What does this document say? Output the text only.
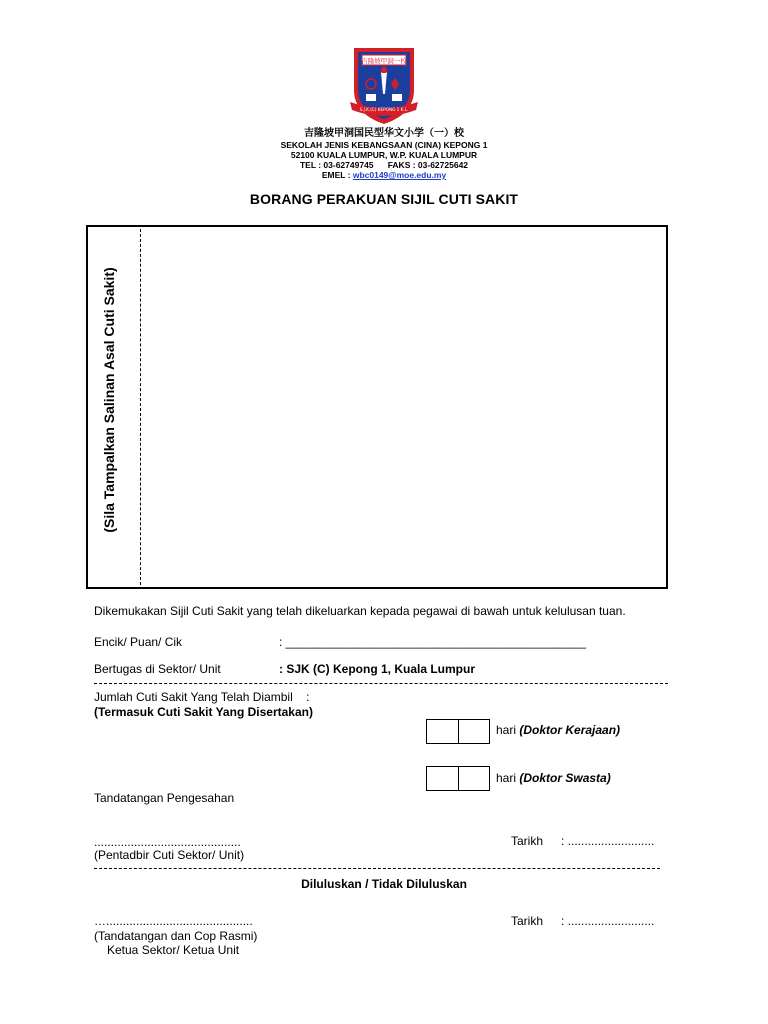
吉隆坡甲洞一校
S.J.K.(C) KEPONG 1 K.L.
吉隆坡甲洞国民型华文小学（一）校
SEKOLAH JENIS KEBANGSAAN (CINA) KEPONG 1
52100 KUALA LUMPUR, W.P. KUALA LUMPUR
TEL : 03-62749745      FAKS : 03-62725642
EMEL : wbc0149@moe.edu.my
BORANG PERAKUAN SIJIL CUTI SAKIT
(Sila Tampalkan Salinan Asal Cuti Sakit)
Dikemukakan Sijil Cuti Sakit yang telah dikeluarkan kepada pegawai di bawah untuk kelulusan tuan.
Encik/ Puan/ Cik	: _____________________________________________
Bertugas di Sektor/ Unit	: SJK (C) Kepong 1, Kuala Lumpur
Jumlah Cuti Sakit Yang Telah Diambil    :
(Termasuk Cuti Sakit Yang Disertakan)
hari (Doktor Kerajaan)
hari (Doktor Swasta)
Tandatangan Pengesahan
............................................
(Pentadbir Cuti Sektor/ Unit)
Tarikh : ..........................
Diluluskan / Tidak Diluluskan
…............................................
(Tandatangan dan Cop Rasmi)
Ketua Sektor/ Ketua Unit
Tarikh : ..........................
